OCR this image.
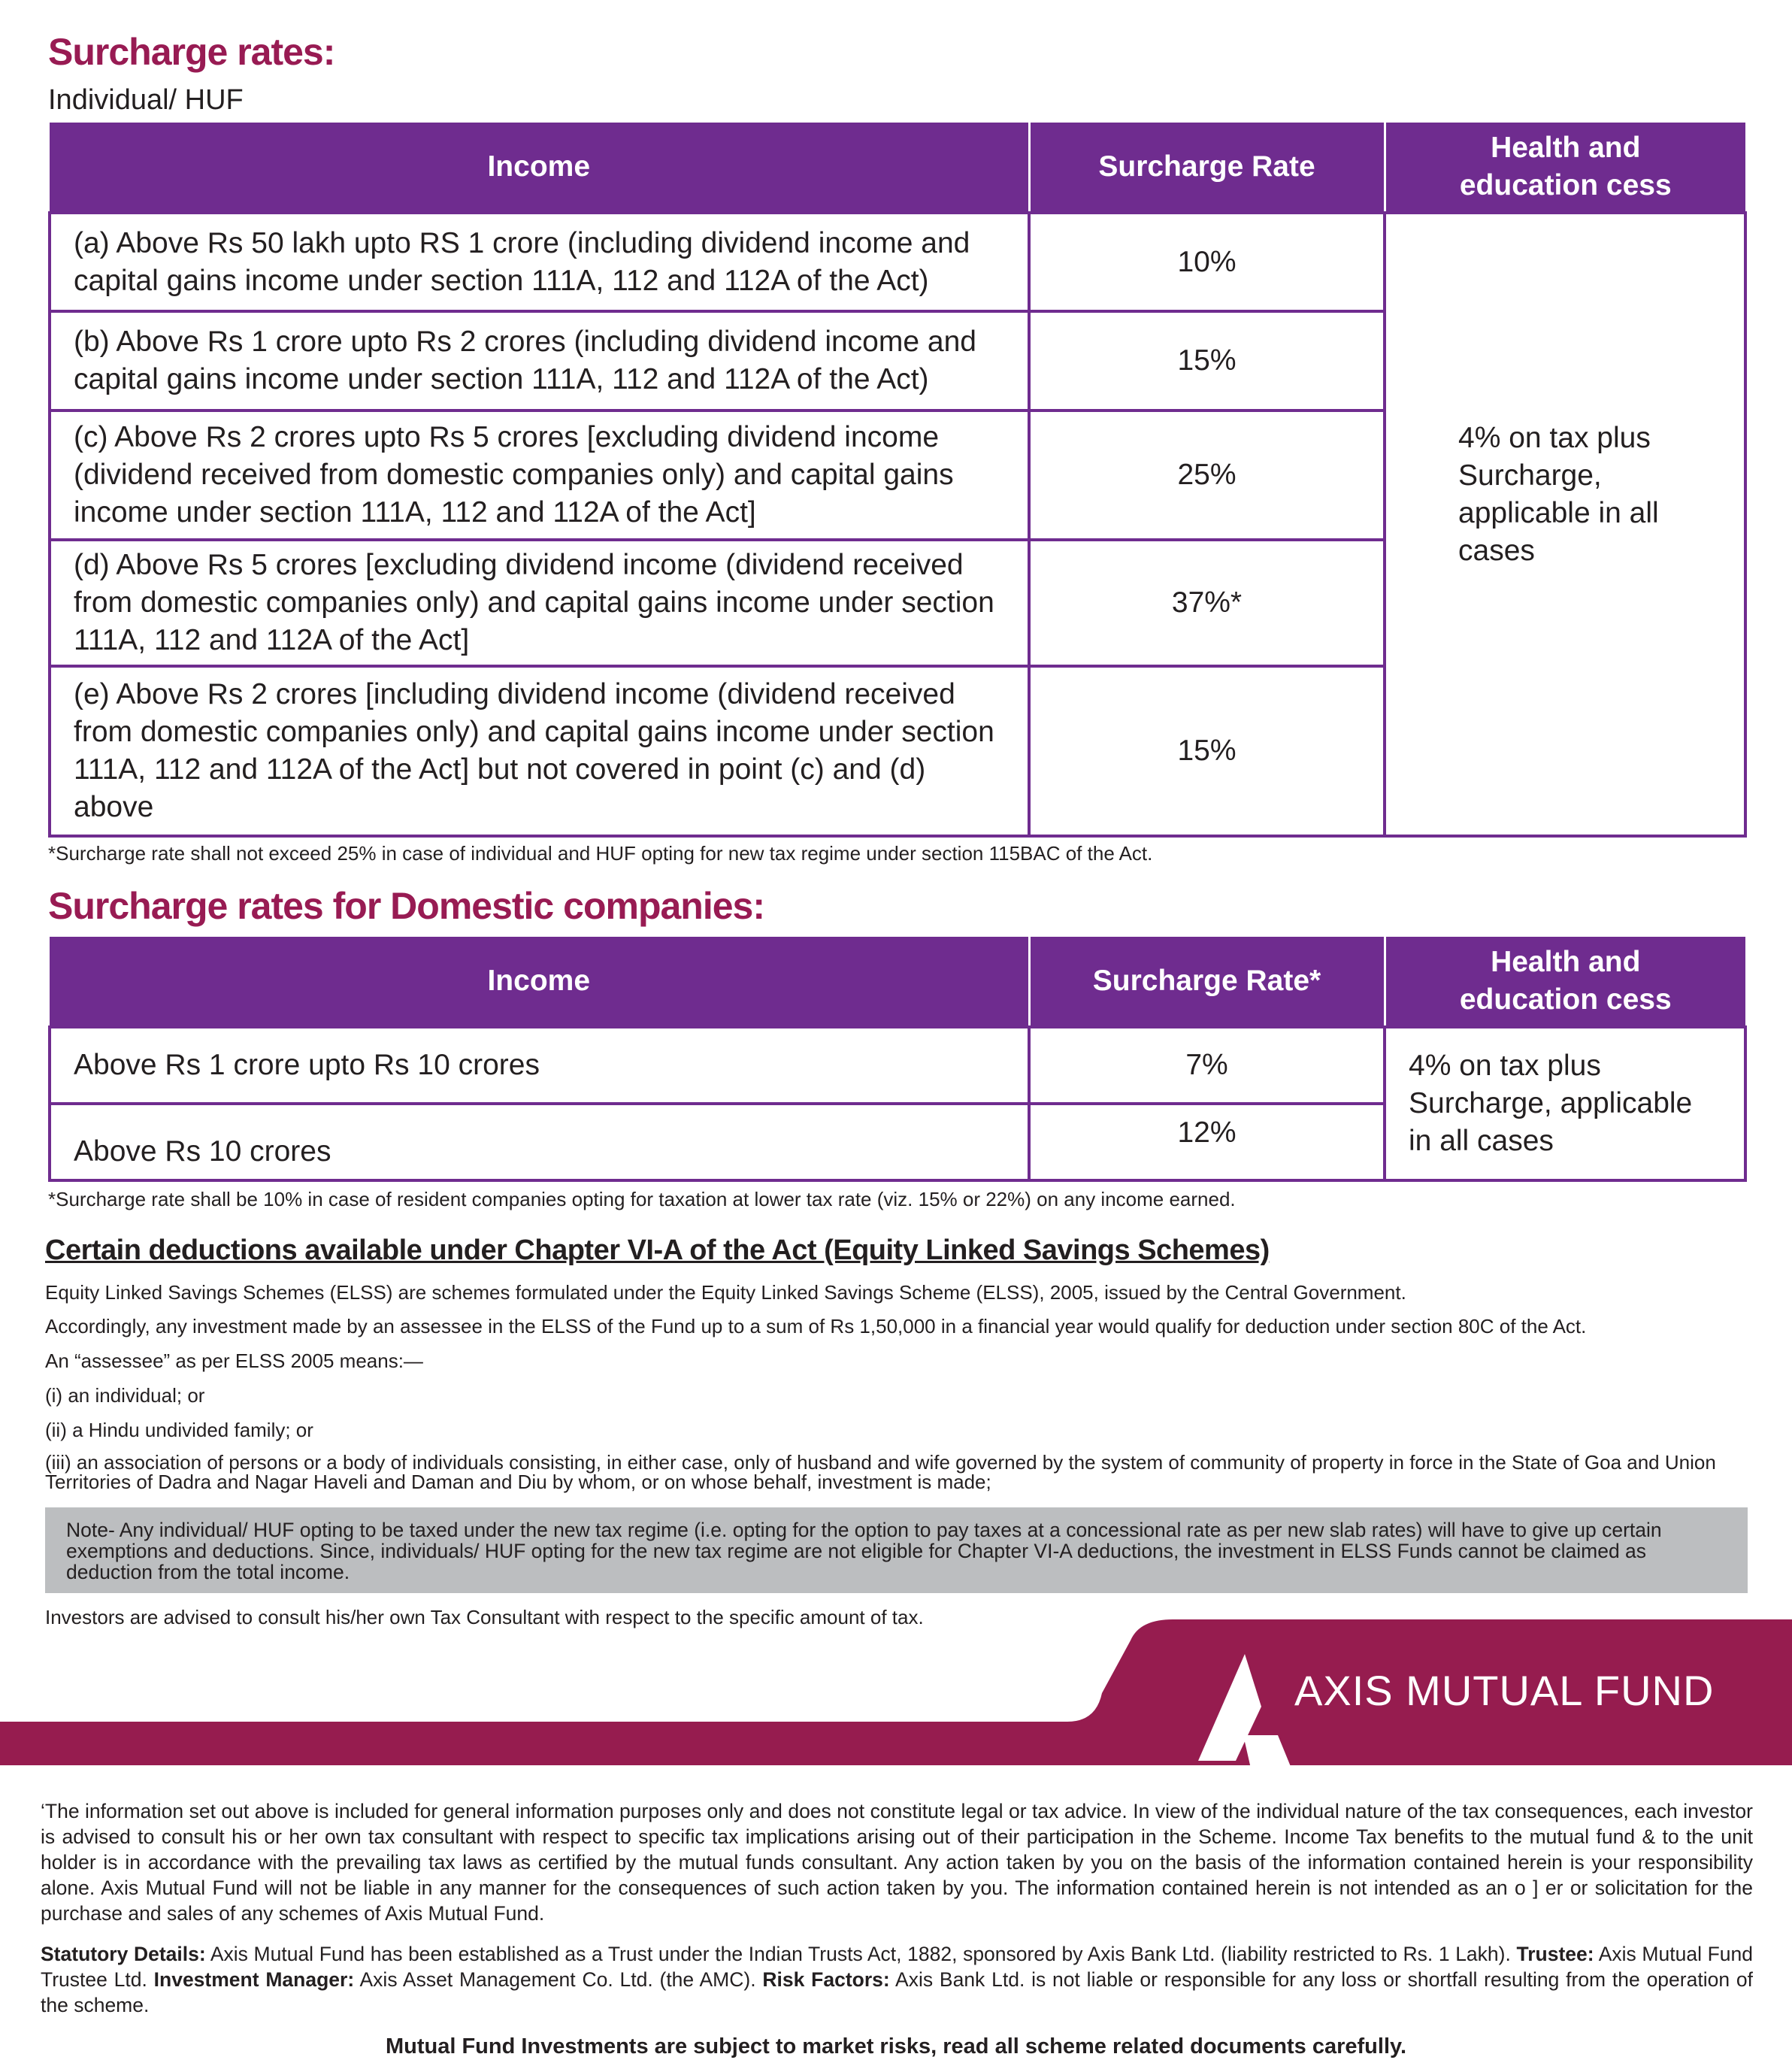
Surcharge rates:
Individual/ HUF
Income	Surcharge Rate	Health and education cess

(a) Above Rs 50 lakh upto RS 1 crore (including dividend income and capital gains income under section 111A, 112 and 112A of the Act)	10%	4% on tax plus Surcharge, applicable in all cases

(b) Above Rs 1 crore upto Rs 2 crores (including dividend income and capital gains income under section 111A, 112 and 112A of the Act)	15%	
(c) Above Rs 2 crores upto Rs 5 crores [excluding dividend income (dividend received from domestic companies only) and capital gains income under section 111A, 112 and 112A of the Act]	25%	
(d) Above Rs 5 crores [excluding dividend income (dividend received from domestic companies only) and capital gains income under section 111A, 112 and 112A of the Act]	37%*	
(e) Above Rs 2 crores [including dividend income (dividend received from domestic companies only) and capital gains income under section 111A, 112 and 112A of the Act] but not covered in point (c) and (d) above	15%	
*Surcharge rate shall not exceed 25% in case of individual and HUF opting for new tax regime under section 115BAC of the Act.
Surcharge rates for Domestic companies:
Income	Surcharge Rate*	Health and education cess

Above Rs 1 crore upto Rs 10 crores	7%	4% on tax plus Surcharge, applicable in all cases

Above Rs 10 crores	12%	
*Surcharge rate shall be 10% in case of resident companies opting for taxation at lower tax rate (viz. 15% or 22%) on any income earned.
Certain deductions available under Chapter VI-A of the Act (Equity Linked Savings Schemes)
Equity Linked Savings Schemes (ELSS) are schemes formulated under the Equity Linked Savings Scheme (ELSS), 2005, issued by the Central Government.
Accordingly, any investment made by an assessee in the ELSS of the Fund up to a sum of Rs 1,50,000 in a financial year would qualify for deduction under section 80C of the Act.
An “assessee” as per ELSS 2005 means:—
(i) an individual; or
(ii) a Hindu undivided family; or
(iii) an association of persons or a body of individuals consisting, in either case, only of husband and wife governed by the system of community of property in force in the State of Goa and Union Territories of Dadra and Nagar Haveli and Daman and Diu by whom, or on whose behalf, investment is made;
Note- Any individual/ HUF opting to be taxed under the new tax regime (i.e. opting for the option to pay taxes at a concessional rate as per new slab rates) will have to give up certain exemptions and deductions. Since, individuals/ HUF opting for the new tax regime are not eligible for Chapter VI-A deductions, the investment in ELSS Funds cannot be claimed as deduction from the total income.
Investors are advised to consult his/her own Tax Consultant with respect to the specific amount of tax.
AXIS MUTUAL FUND
‘The information set out above is included for general information purposes only and does not constitute legal or tax advice. In view of the individual nature of the tax consequences, each investor is advised to consult his or her own tax consultant with respect to specific tax implications arising out of their participation in the Scheme. Income Tax benefits to the mutual fund & to the unit holder is in accordance with the prevailing tax laws as certified by the mutual funds consultant. Any action taken by you on the basis of the information contained herein is your responsibility alone. Axis Mutual Fund will not be liable in any manner for the consequences of such action taken by you. The information contained herein is not intended as an o ] er or solicitation for the purchase and sales of any schemes of Axis Mutual Fund.
Statutory Details: Axis Mutual Fund has been established as a Trust under the Indian Trusts Act, 1882, sponsored by Axis Bank Ltd. (liability restricted to Rs. 1 Lakh). Trustee: Axis Mutual Fund Trustee Ltd. Investment Manager: Axis Asset Management Co. Ltd. (the AMC). Risk Factors: Axis Bank Ltd. is not liable or responsible for any loss or shortfall resulting from the operation of the scheme.
Mutual Fund Investments are subject to market risks, read all scheme related documents carefully.
